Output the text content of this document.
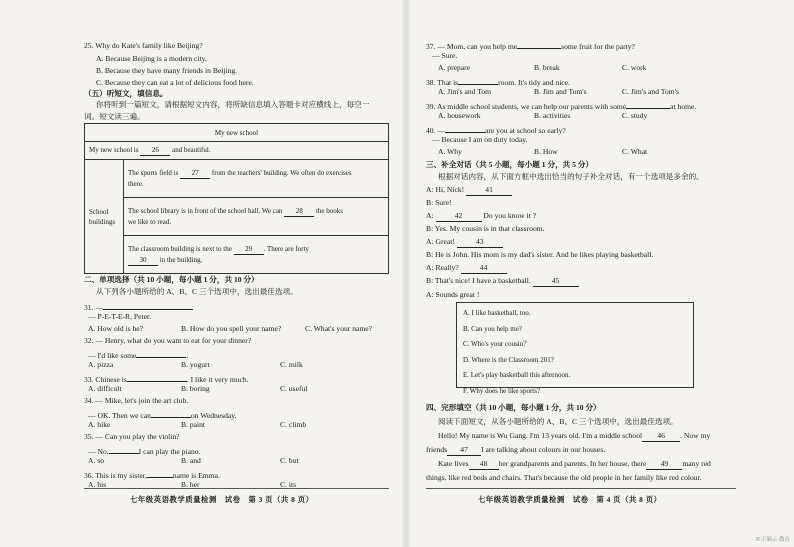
25. Why do Kate's family like Beijing?
A. Because Beijing is a modern city.
B. Because they have many friends in Beijing.
C. Because they can eat a lot of delicious food here.
（五）听短文，填信息。
你将听到一篇短文，请根据短文内容，将所缺信息填入答题卡对应横线上，每空一
词。短文读三遍。
My new school
My new school is 26 and beautiful.
School
buildings	The sports field is 27 from the teachers' building. We often do exercises
there.
The school library is in front of the school hall. We can 28 the books
we like to read.
The classroom building is next to the 29 . There are forty
30 in the building.
二、单项选择（共 10 小题，每小题 1 分，共 10 分）
从下列各小题所给的 A、B、C 三个选项中，选出最佳选项。
31. —
— P-E-T-E-R, Peter.
A. How old is he?	B. How do you spell your name?	C. What's your name?
32. — Henry, what do you want to eat for your dinner?
— I'd like some	.
A. pizza	B. yogurt	C. milk
33. Chinese is	. I like it very much.
A. difficult	B. boring	C. useful
34. — Mike, let's join the art club.
— OK. Then we can	on Wednesday.
A. hike	B. paint	C. climb
35. — Can you play the violin?
— No,	I can play the piano.
A. so	B. and	C. but
36. This is my sister,	name is Emma.
A. his	B. her	C. its
七年级英语教学质量检测　试卷　第 3 页（共 8 页）
37. — Mom, can you help me	some fruit for the party?
— Sure.
A. prepare	B. break	C. work
38. That is	room. It's tidy and nice.
A. Jim's and Tom	B. Jim and Tom's	C. Jim's and Tom's
39. As middle school students, we can help our parents with some	at home.
A. housework	B. activities	C. study
40. —	are you at school so early?
— Because I am on duty today.
A. Why	B. How	C. What
三、补全对话（共 5 小题，每小题 1 分，共 5 分）
根据对话内容，从下面方框中选出恰当的句子补全对话，有一个选项是多余的。
A: Hi, Nick!	41
B: Sure!
A:	42	Do you know it ?
B: Yes. My cousin is in that classroom.
A: Great!	43
B: He is John. His mom is my dad's sister. And he likes playing basketball.
A: Really?	44
B: That's nice! I have a basketball.	45
A: Sounds great !
A. I like basketball, too.
B. Can you help me?
C. Who's your cousin？
D. Where is the Classroom 201?
E. Let's play basketball this afternoon.
F. Why does he like sports?
四、完形填空（共 10 小题，每小题 1 分，共 10 分）
阅读下面短文，从各小题所给的 A、B、C 三个选项中，选出最佳选项。
Hello! My name is Wu Gang. I'm 13 years old. I'm a middle school 46 . Now my
friends 47 I are talking about colours in our houses.
Kate lives 48 her grandparents and parents. In her house, there 49 many red
things, like red beds and chairs. That's because the old people in her family like red colour.
七年级英语教学质量检测　试卷　第 4 页（共 8 页）
©正确云·教育
